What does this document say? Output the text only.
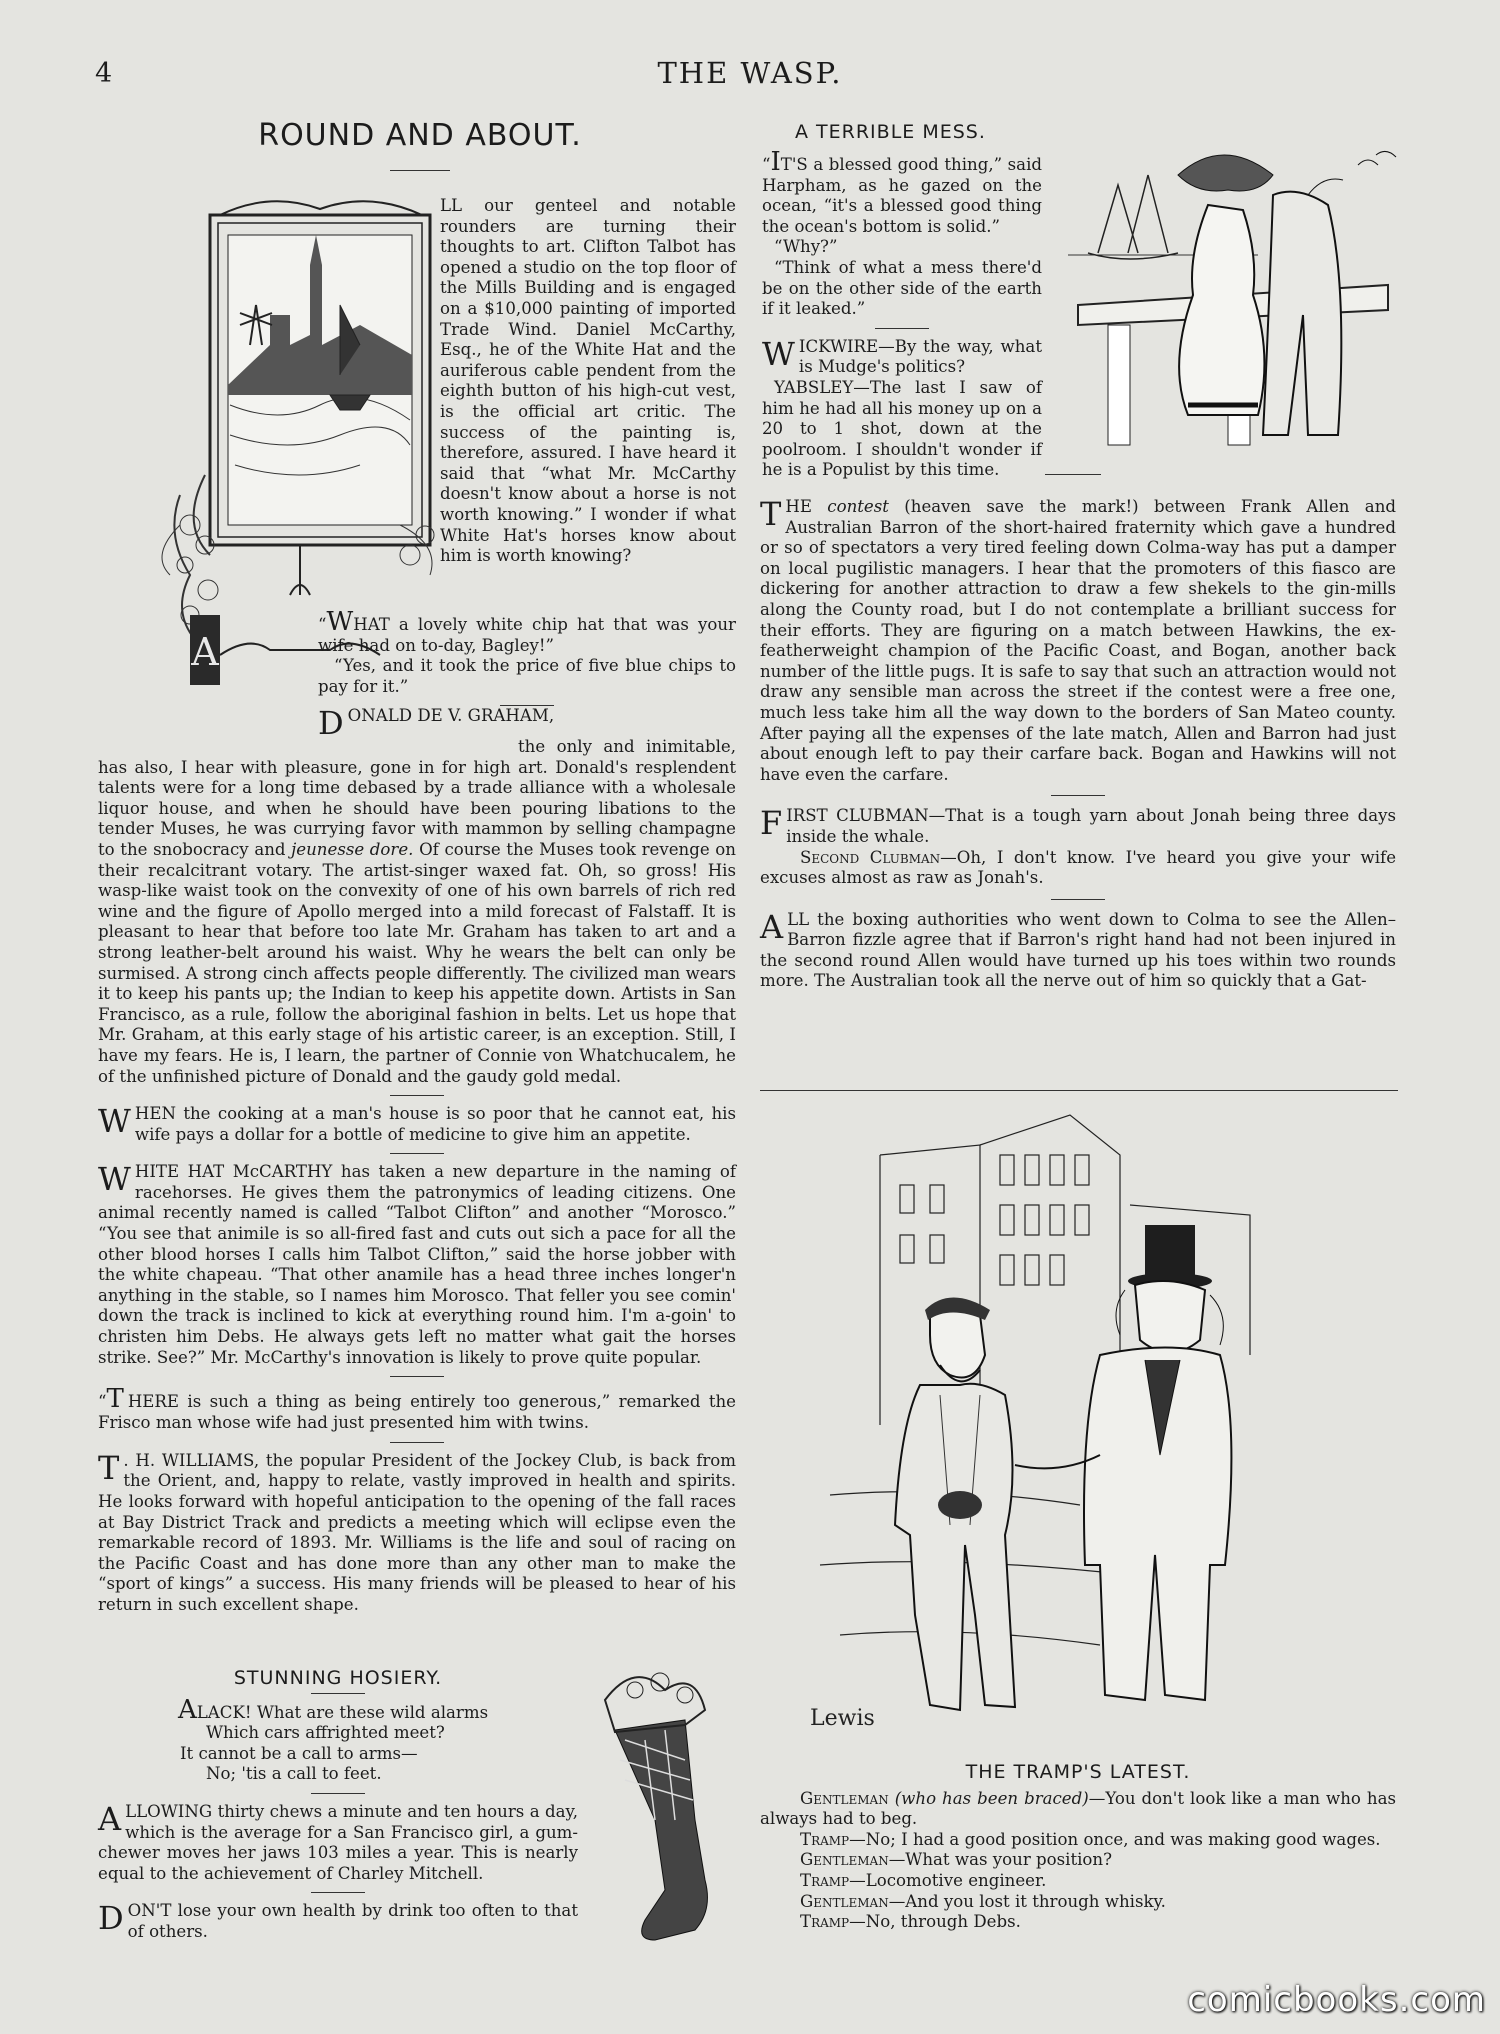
4	THE WASP.
ROUND AND ABOUT.
A

LL our genteel and notable rounders are turning their thoughts to art. Clifton Talbot has opened a studio on the top floor of the Mills Building and is engaged on a $10,000 painting of imported Trade Wind. Daniel McCarthy, Esq., he of the White Hat and the auriferous cable pendent from the eighth button of his high-cut vest, is the official art critic. The success of the painting is, therefore, assured. I have heard it said that “what Mr. McCarthy doesn't know about a horse is not worth knowing.” I wonder if what White Hat's horses know about him is worth knowing?

“WHAT a lovely white chip hat that was your wife had on to-day, Bagley!”

“Yes, and it took the price of five blue chips to pay for it.”

DONALD DE V. GRAHAM,

the only and inimitable, has also, I hear with pleasure, gone in for high art. Donald's resplendent talents were for a long time debased by a trade alliance with a wholesale liquor house, and when he should have been pouring libations to the tender Muses, he was currying favor with mammon by selling champagne to the snobocracy and jeunesse dore. Of course the Muses took revenge on their recalcitrant votary. The artist-singer waxed fat. Oh, so gross! His wasp-like waist took on the convexity of one of his own barrels of rich red wine and the figure of Apollo merged into a mild forecast of Falstaff. It is pleasant to hear that before too late Mr. Graham has taken to art and a strong leather-belt around his waist. Why he wears the belt can only be surmised. A strong cinch affects people differently. The civilized man wears it to keep his pants up; the Indian to keep his appetite down. Artists in San Francisco, as a rule, follow the aboriginal fashion in belts. Let us hope that Mr. Graham, at this early stage of his artistic career, is an exception. Still, I have my fears. He is, I learn, the partner of Connie von Whatchucalem, he of the unfinished picture of Donald and the gaudy gold medal.

WHEN the cooking at a man's house is so poor that he cannot eat, his wife pays a dollar for a bottle of medicine to give him an appetite.

WHITE HAT McCARTHY has taken a new departure in the naming of racehorses. He gives them the patronymics of leading citizens. One animal recently named is called “Talbot Clifton” and another “Morosco.” “You see that animile is so all-fired fast and cuts out sich a pace for all the other blood horses I calls him Talbot Clifton,” said the horse jobber with the white chapeau. “That other anamile has a head three inches longer'n anything in the stable, so I names him Morosco. That feller you see comin' down the track is inclined to kick at everything round him. I'm a-goin' to christen him Debs. He always gets left no matter what gait the horses strike. See?” Mr. McCarthy's innovation is likely to prove quite popular.

“T HERE is such a thing as being entirely too generous,” remarked the Frisco man whose wife had just presented him with twins.

T . H. WILLIAMS, the popular President of the Jockey Club, is back from the Orient, and, happy to relate, vastly improved in health and spirits. He looks forward with hopeful anticipation to the opening of the fall races at Bay District Track and predicts a meeting which will eclipse even the remarkable record of 1893. Mr. Williams is the life and soul of racing on the Pacific Coast and has done more than any other man to make the “sport of kings” a success. His many friends will be pleased to hear of his return in such excellent shape.

STUNNING HOSIERY.

ALACK! What are these wild alarms

Which cars affrighted meet?

It cannot be a call to arms—

No; 'tis a call to feet.

ALLOWING thirty chews a minute and ten hours a day, which is the average for a San Francisco girl, a gum-chewer moves her jaws 103 miles a year. This is nearly equal to the achievement of Charley Mitchell.

DON'T lose your own health by drink too often to that of others.

A TERRIBLE MESS.

“IT'S a blessed good thing,” said Harpham, as he gazed on the ocean, “it's a blessed good thing the ocean's bottom is solid.”

“Why?”

“Think of what a mess there'd be on the other side of the earth if it leaked.”

WICKWIRE—By the way, what is Mudge's politics?

YABSLEY—The last I saw of him he had all his money up on a 20 to 1 shot, down at the poolroom. I shouldn't wonder if he is a Populist by this time.

THE contest (heaven save the mark!) between Frank Allen and Australian Barron of the short-haired fraternity which gave a hundred or so of spectators a very tired feeling down Colma-way has put a damper on local pugilistic managers. I hear that the promoters of this fiasco are dickering for another attraction to draw a few shekels to the gin-mills along the County road, but I do not contemplate a brilliant success for their efforts. They are figuring on a match between Hawkins, the ex-featherweight champion of the Pacific Coast, and Bogan, another back number of the little pugs. It is safe to say that such an attraction would not draw any sensible man across the street if the contest were a free one, much less take him all the way down to the borders of San Mateo county. After paying all the expenses of the late match, Allen and Barron had just about enough left to pay their carfare back. Bogan and Hawkins will not have even the carfare.

FIRST CLUBMAN—That is a tough yarn about Jonah being three days inside the whale.

Second Clubman—Oh, I don't know. I've heard you give your wife excuses almost as raw as Jonah's.

ALL the boxing authorities who went down to Colma to see the Allen–Barron fizzle agree that if Barron's right hand had not been injured in the second round Allen would have turned up his toes within two rounds more. The Australian took all the nerve out of him so quickly that a Gat-

Lewis
THE TRAMP'S LATEST.

Gentleman (who has been braced)—You don't look like a man who has always had to beg.

Tramp—No; I had a good position once, and was making good wages.

Gentleman—What was your position?

Tramp—Locomotive engineer.

Gentleman—And you lost it through whisky.

Tramp—No, through Debs.

comicbooks.com
